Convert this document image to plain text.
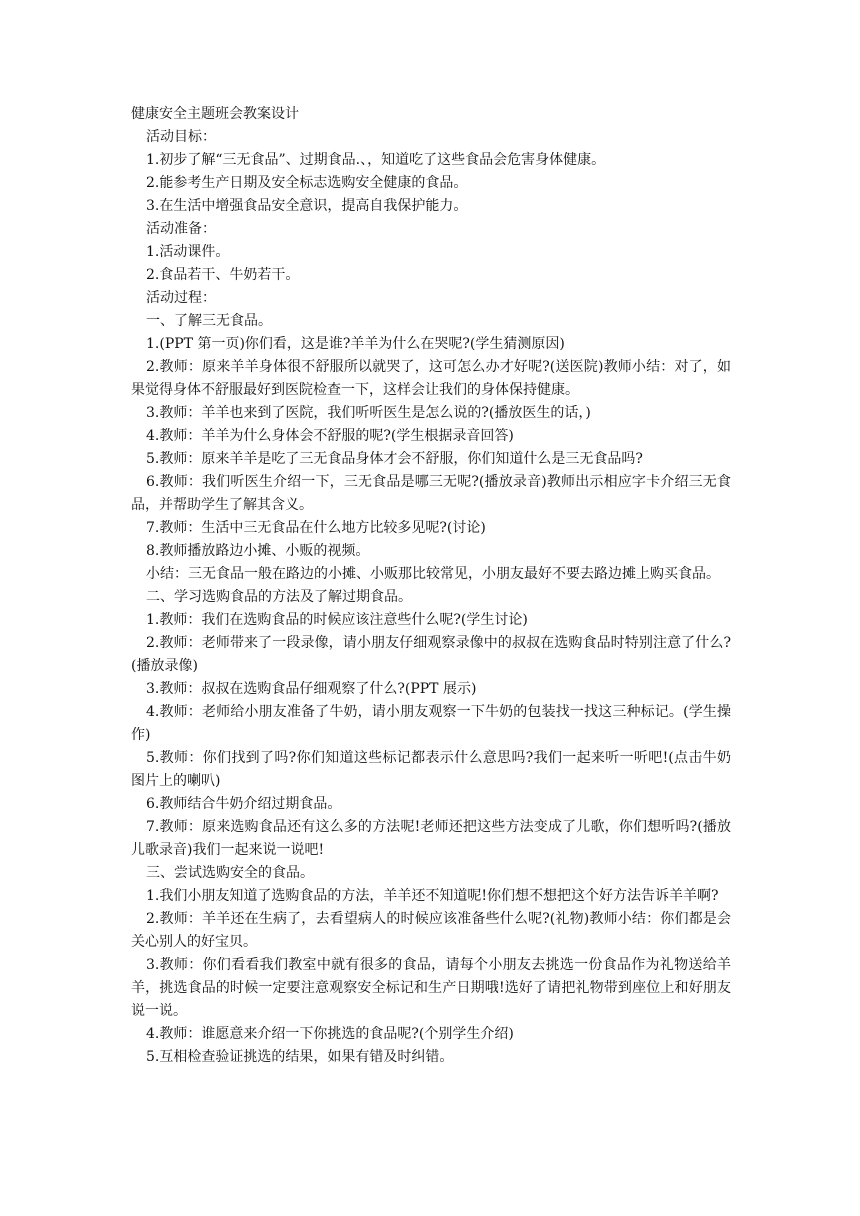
健康安全主题班会教案设计

活动目标：

1.初步了解“三无食品”、过期食品.、，知道吃了这些食品会危害身体健康。

2.能参考生产日期及安全标志选购安全健康的食品。

3.在生活中增强食品安全意识，提高自我保护能力。

活动准备：

1.活动课件。

2.食品若干、牛奶若干。

活动过程：

一、了解三无食品。

1.(PPT 第一页)你们看，这是谁?羊羊为什么在哭呢?(学生猜测原因)

2.教师：原来羊羊身体很不舒服所以就哭了，这可怎么办才好呢?(送医院)教师小结：对了，如果觉得身体不舒服最好到医院检查一下，这样会让我们的身体保持健康。

3.教师：羊羊也来到了医院，我们听听医生是怎么说的?(播放医生的话，)

4.教师：羊羊为什么身体会不舒服的呢?(学生根据录音回答)

5.教师：原来羊羊是吃了三无食品身体才会不舒服，你们知道什么是三无食品吗?

6.教师：我们听医生介绍一下，三无食品是哪三无呢?(播放录音)教师出示相应字卡介绍三无食品，并帮助学生了解其含义。

7.教师：生活中三无食品在什么地方比较多见呢?(讨论)

8.教师播放路边小摊、小贩的视频。

小结：三无食品一般在路边的小摊、小贩那比较常见，小朋友最好不要去路边摊上购买食品。

二、学习选购食品的方法及了解过期食品。

1.教师：我们在选购食品的时候应该注意些什么呢?(学生讨论)

2.教师：老师带来了一段录像，请小朋友仔细观察录像中的叔叔在选购食品时特别注意了什么?(播放录像)

3.教师：叔叔在选购食品仔细观察了什么?(PPT 展示)

4.教师：老师给小朋友准备了牛奶，请小朋友观察一下牛奶的包装找一找这三种标记。(学生操作)

5.教师：你们找到了吗?你们知道这些标记都表示什么意思吗?我们一起来听一听吧!(点击牛奶图片上的喇叭)

6.教师结合牛奶介绍过期食品。

7.教师：原来选购食品还有这么多的方法呢!老师还把这些方法变成了儿歌，你们想听吗?(播放儿歌录音)我们一起来说一说吧!

三、尝试选购安全的食品。

1.我们小朋友知道了选购食品的方法，羊羊还不知道呢!你们想不想把这个好方法告诉羊羊啊?

2.教师：羊羊还在生病了，去看望病人的时候应该准备些什么呢?(礼物)教师小结：你们都是会关心别人的好宝贝。

3.教师：你们看看我们教室中就有很多的食品，请每个小朋友去挑选一份食品作为礼物送给羊羊，挑选食品的时候一定要注意观察安全标记和生产日期哦!选好了请把礼物带到座位上和好朋友说一说。

4.教师：谁愿意来介绍一下你挑选的食品呢?(个别学生介绍)

5.互相检查验证挑选的结果，如果有错及时纠错。
